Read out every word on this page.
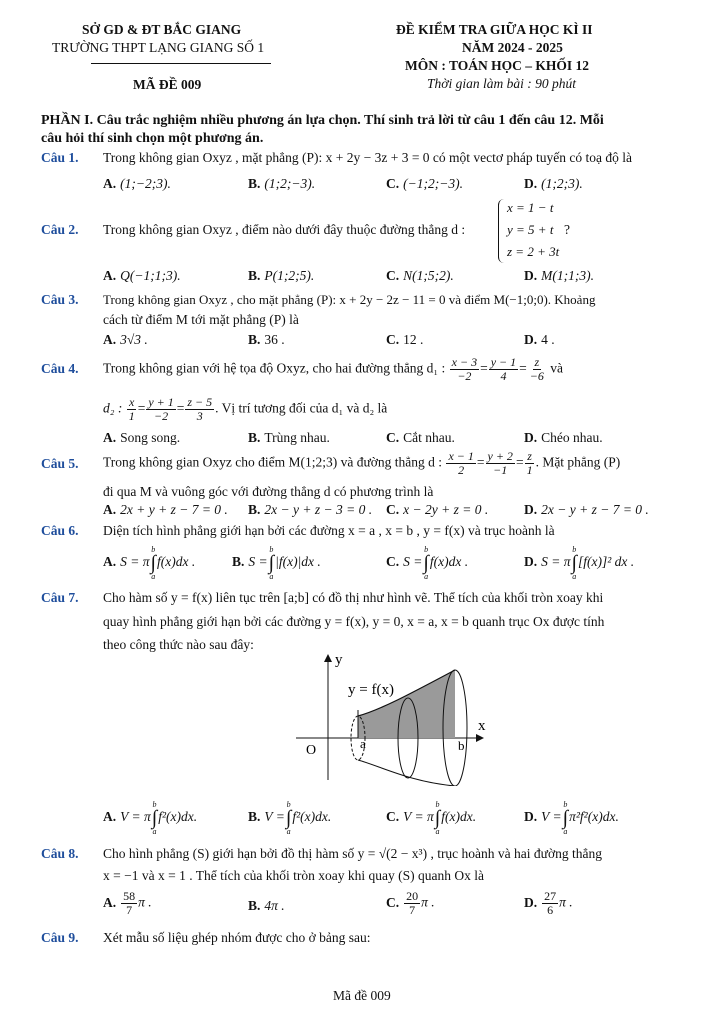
SỞ GD & ĐT BẮC GIANG
TRƯỜNG THPT LẠNG GIANG SỐ 1
MÃ ĐỀ 009
ĐỀ KIỂM TRA GIỮA HỌC KÌ II
NĂM 2024 - 2025
MÔN : TOÁN HỌC – KHỐI 12
Thời gian làm bài : 90 phút
PHẦN I. Câu trắc nghiệm nhiều phương án lựa chọn. Thí sinh trả lời từ câu 1 đến câu 12. Mỗi
câu hỏi thí sinh chọn một phương án.
Câu 1. Trong không gian Oxyz , mặt phẳng (P): x + 2y − 3z + 3 = 0 có một vectơ pháp tuyến có toạ độ là
A. (1;−2;3).	B. (1;2;−3).	C. (−1;2;−3).	D. (1;2;3).
Câu 2. Trong không gian Oxyz , điểm nào dưới đây thuộc đường thẳng d :
x = 1 − t
y = 5 + t
z = 2 + 3t
?
A. Q(−1;1;3).	B. P(1;2;5).	C. N(1;5;2).	D. M(1;1;3).
Câu 3. Trong không gian Oxyz , cho mặt phẳng (P): x + 2y − 2z − 11 = 0 và điểm M(−1;0;0). Khoảng
cách từ điểm M tới mặt phẳng (P) là
A. 3√3 .	B. 36 .	C. 12 .	D. 4 .
Câu 4. Trong không gian với hệ tọa độ Oxyz, cho hai đường thẳng d₁ : $\frac{x - 3}{-2} = \frac{y - 1}{4} = \frac{z}{-6}$ và
d₂ : $\frac{x}{1} = \frac{y + 1}{-2} = \frac{z - 5}{3}$ . Vị trí tương đối của d₁ và d₂ là
A. Song song.	B. Trùng nhau.	C. Cắt nhau.	D. Chéo nhau.
Câu 5. Trong không gian Oxyz cho điểm M(1;2;3) và đường thẳng d : $\frac{x - 1}{2} = \frac{y + 2}{-1} = \frac{z}{1}$ . Mặt phẳng (P)
đi qua M và vuông góc với đường thẳng d có phương trình là
A. 2x + y + z − 7 = 0 . B. 2x − y + z − 3 = 0 . C. x − 2y + z = 0 .	D. 2x − y + z − 7 = 0 .
Câu 6. Diện tích hình phẳng giới hạn bởi các đường x = a , x = b , y = f(x) và trục hoành là
A. S = π
b
∫
a
f(x)dx .	B. S =
b
∫
a
|f(x)|dx .	C. S =
b
∫
a
f(x)dx .	D. S = π
b
∫
a
[f(x)]² dx .
Câu 7. Cho hàm số y = f(x) liên tục trên [a;b] có đồ thị như hình vẽ. Thể tích của khối tròn xoay khi
quay hình phẳng giới hạn bởi các đường y = f(x), y = 0, x = a, x = b quanh trục Ox được tính
theo công thức nào sau đây:
y
x
O	a	b
y = f(x)
A. V = π
b
∫
a
f²(x)dx.	B. V =
b
∫
a
f²(x)dx.	C. V = π
b
∫
a
f(x)dx.	D. V =
b
∫
a
π²f²(x)dx.
Câu 8. Cho hình phẳng (S) giới hạn bởi đồ thị hàm số y = √(2 − x³) , trục hoành và hai đường thẳng
x = −1 và x = 1 . Thể tích của khối tròn xoay khi quay (S) quanh Ox là
A. $\frac{58}{7}$ π .	B. 4π .	C. $\frac{20}{7}$ π .	D. $\frac{27}{6}$ π .
Câu 9. Xét mẫu số liệu ghép nhóm được cho ở bảng sau:
Mã đề 009
